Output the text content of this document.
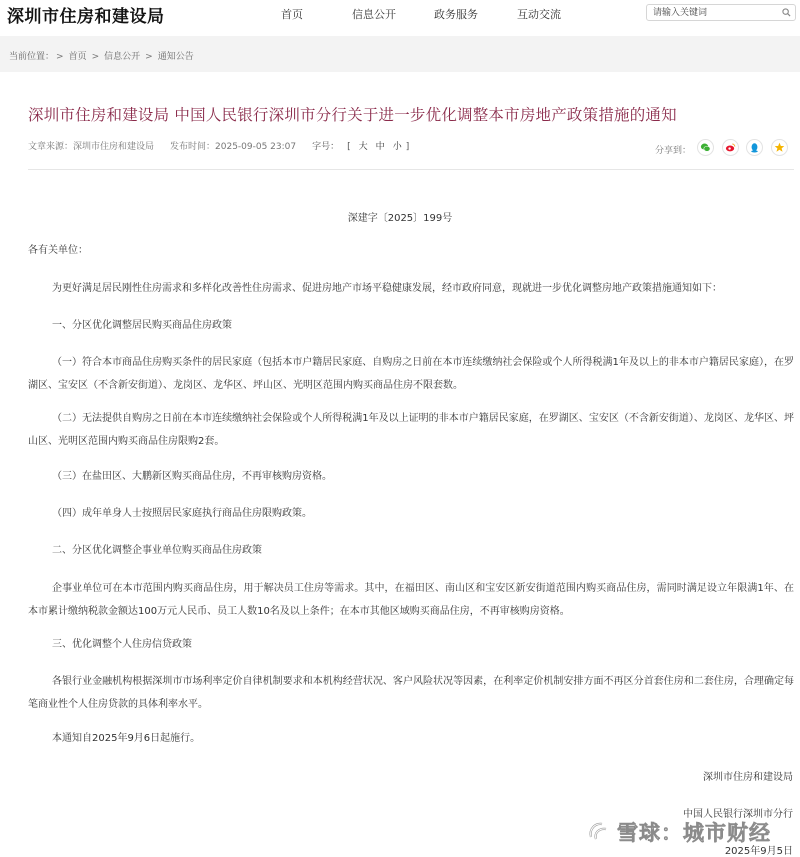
深圳市住房和建设局	首页	信息公开	政务服务	互动交流
请输入关键词
当前位置： > 首页 > 信息公开 > 通知公告
深圳市住房和建设局 中国人民银行深圳市分行关于进一步优化调整本市房地产政策措施的通知
文章来源：深圳市住房和建设局 发布时间：2025-09-05 23:07 字号： [ 大 中 小 ]	分享到：
深建字〔2025〕199号

各有关单位：

为更好满足居民刚性住房需求和多样化改善性住房需求、促进房地产市场平稳健康发展，经市政府同意，现就进一步优化调整房地产政策措施通知如下：

一、分区优化调整居民购买商品住房政策

（一）符合本市商品住房购买条件的居民家庭（包括本市户籍居民家庭、自购房之日前在本市连续缴纳社会保险或个人所得税满1年及以上的非本市户籍居民家庭），在罗湖区、宝安区（不含新安街道）、龙岗区、龙华区、坪山区、光明区范围内购买商品住房不限套数。

（二）无法提供自购房之日前在本市连续缴纳社会保险或个人所得税满1年及以上证明的非本市户籍居民家庭，在罗湖区、宝安区（不含新安街道）、龙岗区、龙华区、坪山区、光明区范围内购买商品住房限购2套。

（三）在盐田区、大鹏新区购买商品住房，不再审核购房资格。

（四）成年单身人士按照居民家庭执行商品住房限购政策。

二、分区优化调整企事业单位购买商品住房政策

企事业单位可在本市范围内购买商品住房，用于解决员工住房等需求。其中，在福田区、南山区和宝安区新安街道范围内购买商品住房，需同时满足设立年限满1年、在本市累计缴纳税款金额达100万元人民币、员工人数10名及以上条件；在本市其他区域购买商品住房，不再审核购房资格。

三、优化调整个人住房信贷政策

各银行业金融机构根据深圳市市场利率定价自律机制要求和本机构经营状况、客户风险状况等因素，在利率定价机制安排方面不再区分首套住房和二套住房，合理确定每笔商业性个人住房贷款的具体利率水平。

本通知自2025年9月6日起施行。

深圳市住房和建设局
中国人民银行深圳市分行
2025年9月5日
雪球：城市财经
